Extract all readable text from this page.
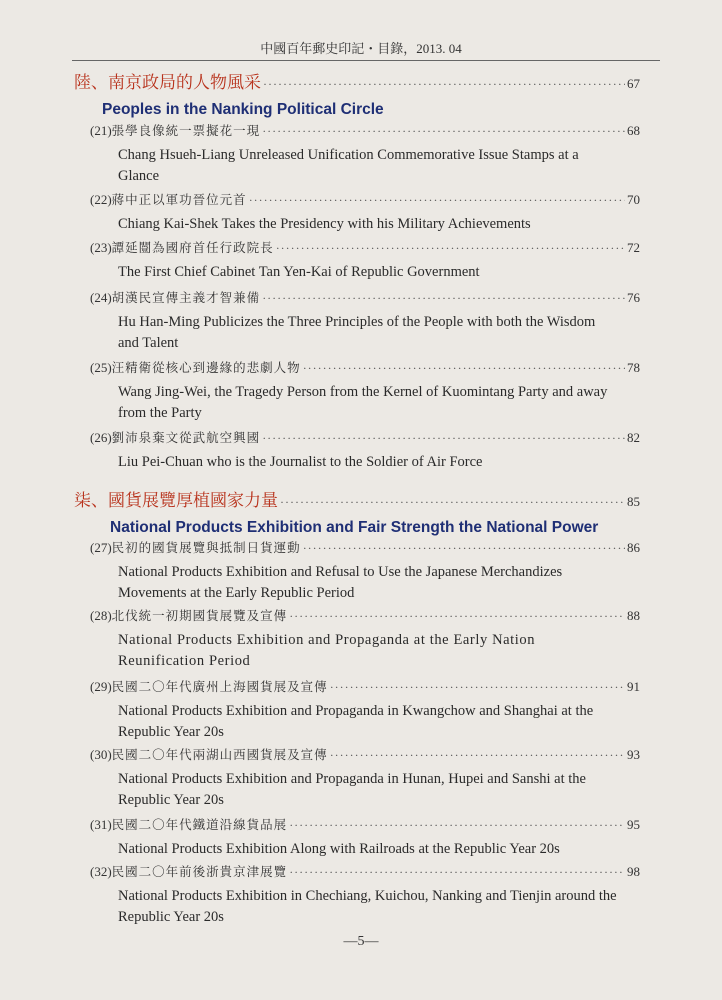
中國百年郵史印記・目錄，2013. 04
陸、南京政局的人物風采 ·····	67
Peoples in the Nanking Political Circle
(21) 張學良像統一票擬花一現 ·····	68
Chang Hsueh-Liang Unreleased Unification Commemorative Issue Stamps at a Glance
(22) 蔣中正以軍功晉位元首 ·····	70
Chiang Kai-Shek Takes the Presidency with his Military Achievements
(23) 譚延闓為國府首任行政院長 ·····	72
The First Chief Cabinet Tan Yen-Kai of Republic Government
(24) 胡漢民宣傳主義才智兼備 ·····	76
Hu Han-Ming Publicizes the Three Principles of the People with both the Wisdom and Talent
(25) 汪精衛從核心到邊緣的悲劇人物 ·····	78
Wang Jing-Wei, the Tragedy Person from the Kernel of Kuomintang Party and away from the Party
(26) 劉沛泉棄文從武航空興國 ·····	82
Liu Pei-Chuan who is the Journalist to the Soldier of Air Force
柒、國貨展覽厚植國家力量 ·····	85
National Products Exhibition and Fair Strength the National Power
(27) 民初的國貨展覽與抵制日貨運動 ·····	86
National Products Exhibition and Refusal to Use the Japanese Merchandizes Movements at the Early Republic Period
(28) 北伐統一初期國貨展覽及宣傳 ·····	88
National Products Exhibition and Propaganda at the Early Nation Reunification Period
(29) 民國二〇年代廣州上海國貨展及宣傳 ·····	91
National Products Exhibition and Propaganda in Kwangchow and Shanghai at the Republic Year 20s
(30) 民國二〇年代兩湖山西國貨展及宣傳 ·····	93
National Products Exhibition and Propaganda in Hunan, Hupei and Sanshi at the Republic Year 20s
(31) 民國二〇年代鐵道沿線貨品展 ·····	95
National Products Exhibition Along with Railroads at the Republic Year 20s
(32) 民國二〇年前後浙貴京津展覽 ·····	98
National Products Exhibition in Chechiang, Kuichou, Nanking and Tienjin around the Republic Year 20s
—5—
